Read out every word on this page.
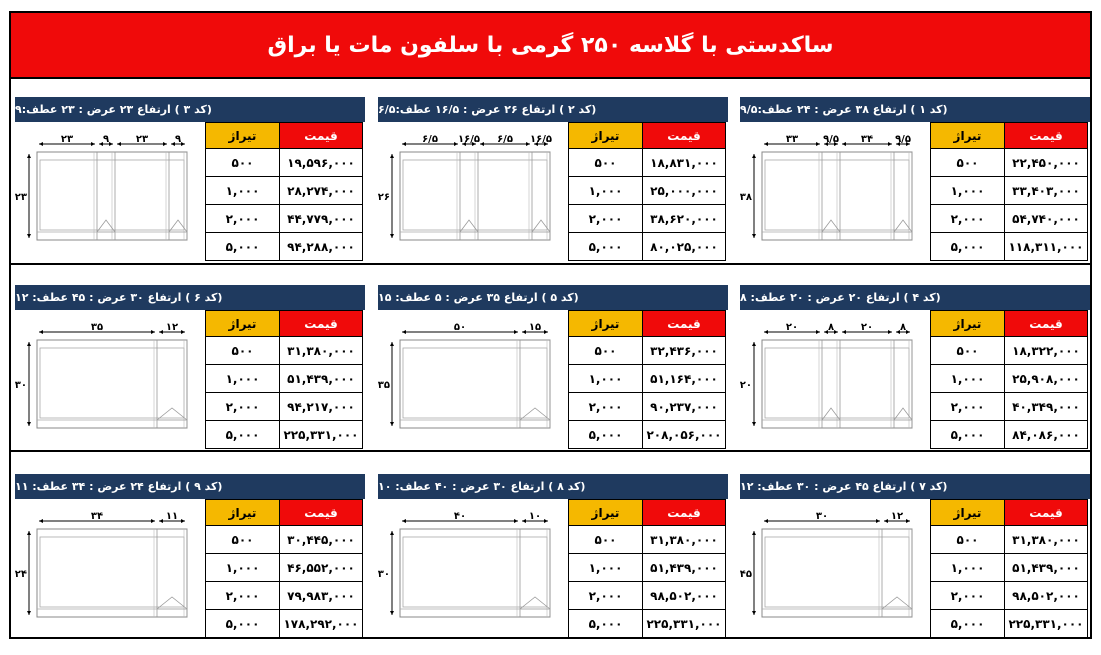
ساکدستی با گلاسه ۲۵۰ گرمی با سلفون مات یا براق
(کد ۱ ) ارتفاع ۳۸ عرض : ۲۴ عطف:۹/۵
تیراژ	قیمت
۵۰۰	۲۲,۴۵۰,۰۰۰
۱,۰۰۰	۳۳,۴۰۳,۰۰۰
۲,۰۰۰	۵۴,۷۴۰,۰۰۰
۵,۰۰۰	۱۱۸,۳۱۱,۰۰۰
۳۳ ۹/۵ ۳۴ ۹/۵
۳۸
(کد ۲ ) ارتفاع ۲۶ عرض : ۱۶/۵ عطف:۶/۵
تیراژ	قیمت
۵۰۰	۱۸,۸۳۱,۰۰۰
۱,۰۰۰	۲۵,۰۰۰,۰۰۰
۲,۰۰۰	۳۸,۶۲۰,۰۰۰
۵,۰۰۰	۸۰,۰۲۵,۰۰۰
۶/۵ ۱۶/۵ ۶/۵ ۱۶/۵
۲۶
(کد ۳ ) ارتفاع ۲۳ عرض : ۲۳ عطف:۹
تیراژ	قیمت
۵۰۰	۱۹,۵۹۶,۰۰۰
۱,۰۰۰	۲۸,۲۷۴,۰۰۰
۲,۰۰۰	۴۴,۷۷۹,۰۰۰
۵,۰۰۰	۹۴,۲۸۸,۰۰۰
۲۳	۹	۲۳	۹
۲۳
(کد ۴ ) ارتفاع ۲۰ عرض : ۲۰ عطف: ۸
تیراژ	قیمت
۵۰۰	۱۸,۳۲۲,۰۰۰
۱,۰۰۰	۲۵,۹۰۸,۰۰۰
۲,۰۰۰	۴۰,۳۴۹,۰۰۰
۵,۰۰۰	۸۴,۰۸۶,۰۰۰
۲۰	۸	۲۰	۸
۲۰
(کد ۵ ) ارتفاع ۳۵ عرض : ۵ عطف: ۱۵
تیراژ	قیمت
۵۰۰	۳۲,۴۳۶,۰۰۰
۱,۰۰۰	۵۱,۱۶۴,۰۰۰
۲,۰۰۰	۹۰,۲۳۷,۰۰۰
۵,۰۰۰	۲۰۸,۰۵۶,۰۰۰
۵۰	۱۵
۳۵
(کد ۶ ) ارتفاع ۳۰ عرض : ۴۵ عطف: ۱۲
تیراژ	قیمت
۵۰۰	۳۱,۳۸۰,۰۰۰
۱,۰۰۰	۵۱,۴۳۹,۰۰۰
۲,۰۰۰	۹۴,۲۱۷,۰۰۰
۵,۰۰۰	۲۲۵,۳۳۱,۰۰۰
۳۵	۱۲
۳۰
(کد ۷ ) ارتفاع ۴۵ عرض : ۳۰ عطف: ۱۲
تیراژ	قیمت
۵۰۰	۳۱,۳۸۰,۰۰۰
۱,۰۰۰	۵۱,۴۳۹,۰۰۰
۲,۰۰۰	۹۸,۵۰۲,۰۰۰
۵,۰۰۰	۲۲۵,۳۳۱,۰۰۰
۳۰	۱۲
۴۵
(کد ۸ ) ارتفاع ۳۰ عرض : ۴۰ عطف: ۱۰
تیراژ	قیمت
۵۰۰	۳۱,۳۸۰,۰۰۰
۱,۰۰۰	۵۱,۴۳۹,۰۰۰
۲,۰۰۰	۹۸,۵۰۲,۰۰۰
۵,۰۰۰	۲۲۵,۳۳۱,۰۰۰
۴۰	۱۰
۳۰
(کد ۹ ) ارتفاع ۲۴ عرض : ۳۴ عطف: ۱۱
تیراژ	قیمت
۵۰۰	۳۰,۴۴۵,۰۰۰
۱,۰۰۰	۴۶,۵۵۲,۰۰۰
۲,۰۰۰	۷۹,۹۸۳,۰۰۰
۵,۰۰۰	۱۷۸,۲۹۲,۰۰۰
۳۴	۱۱
۲۴
